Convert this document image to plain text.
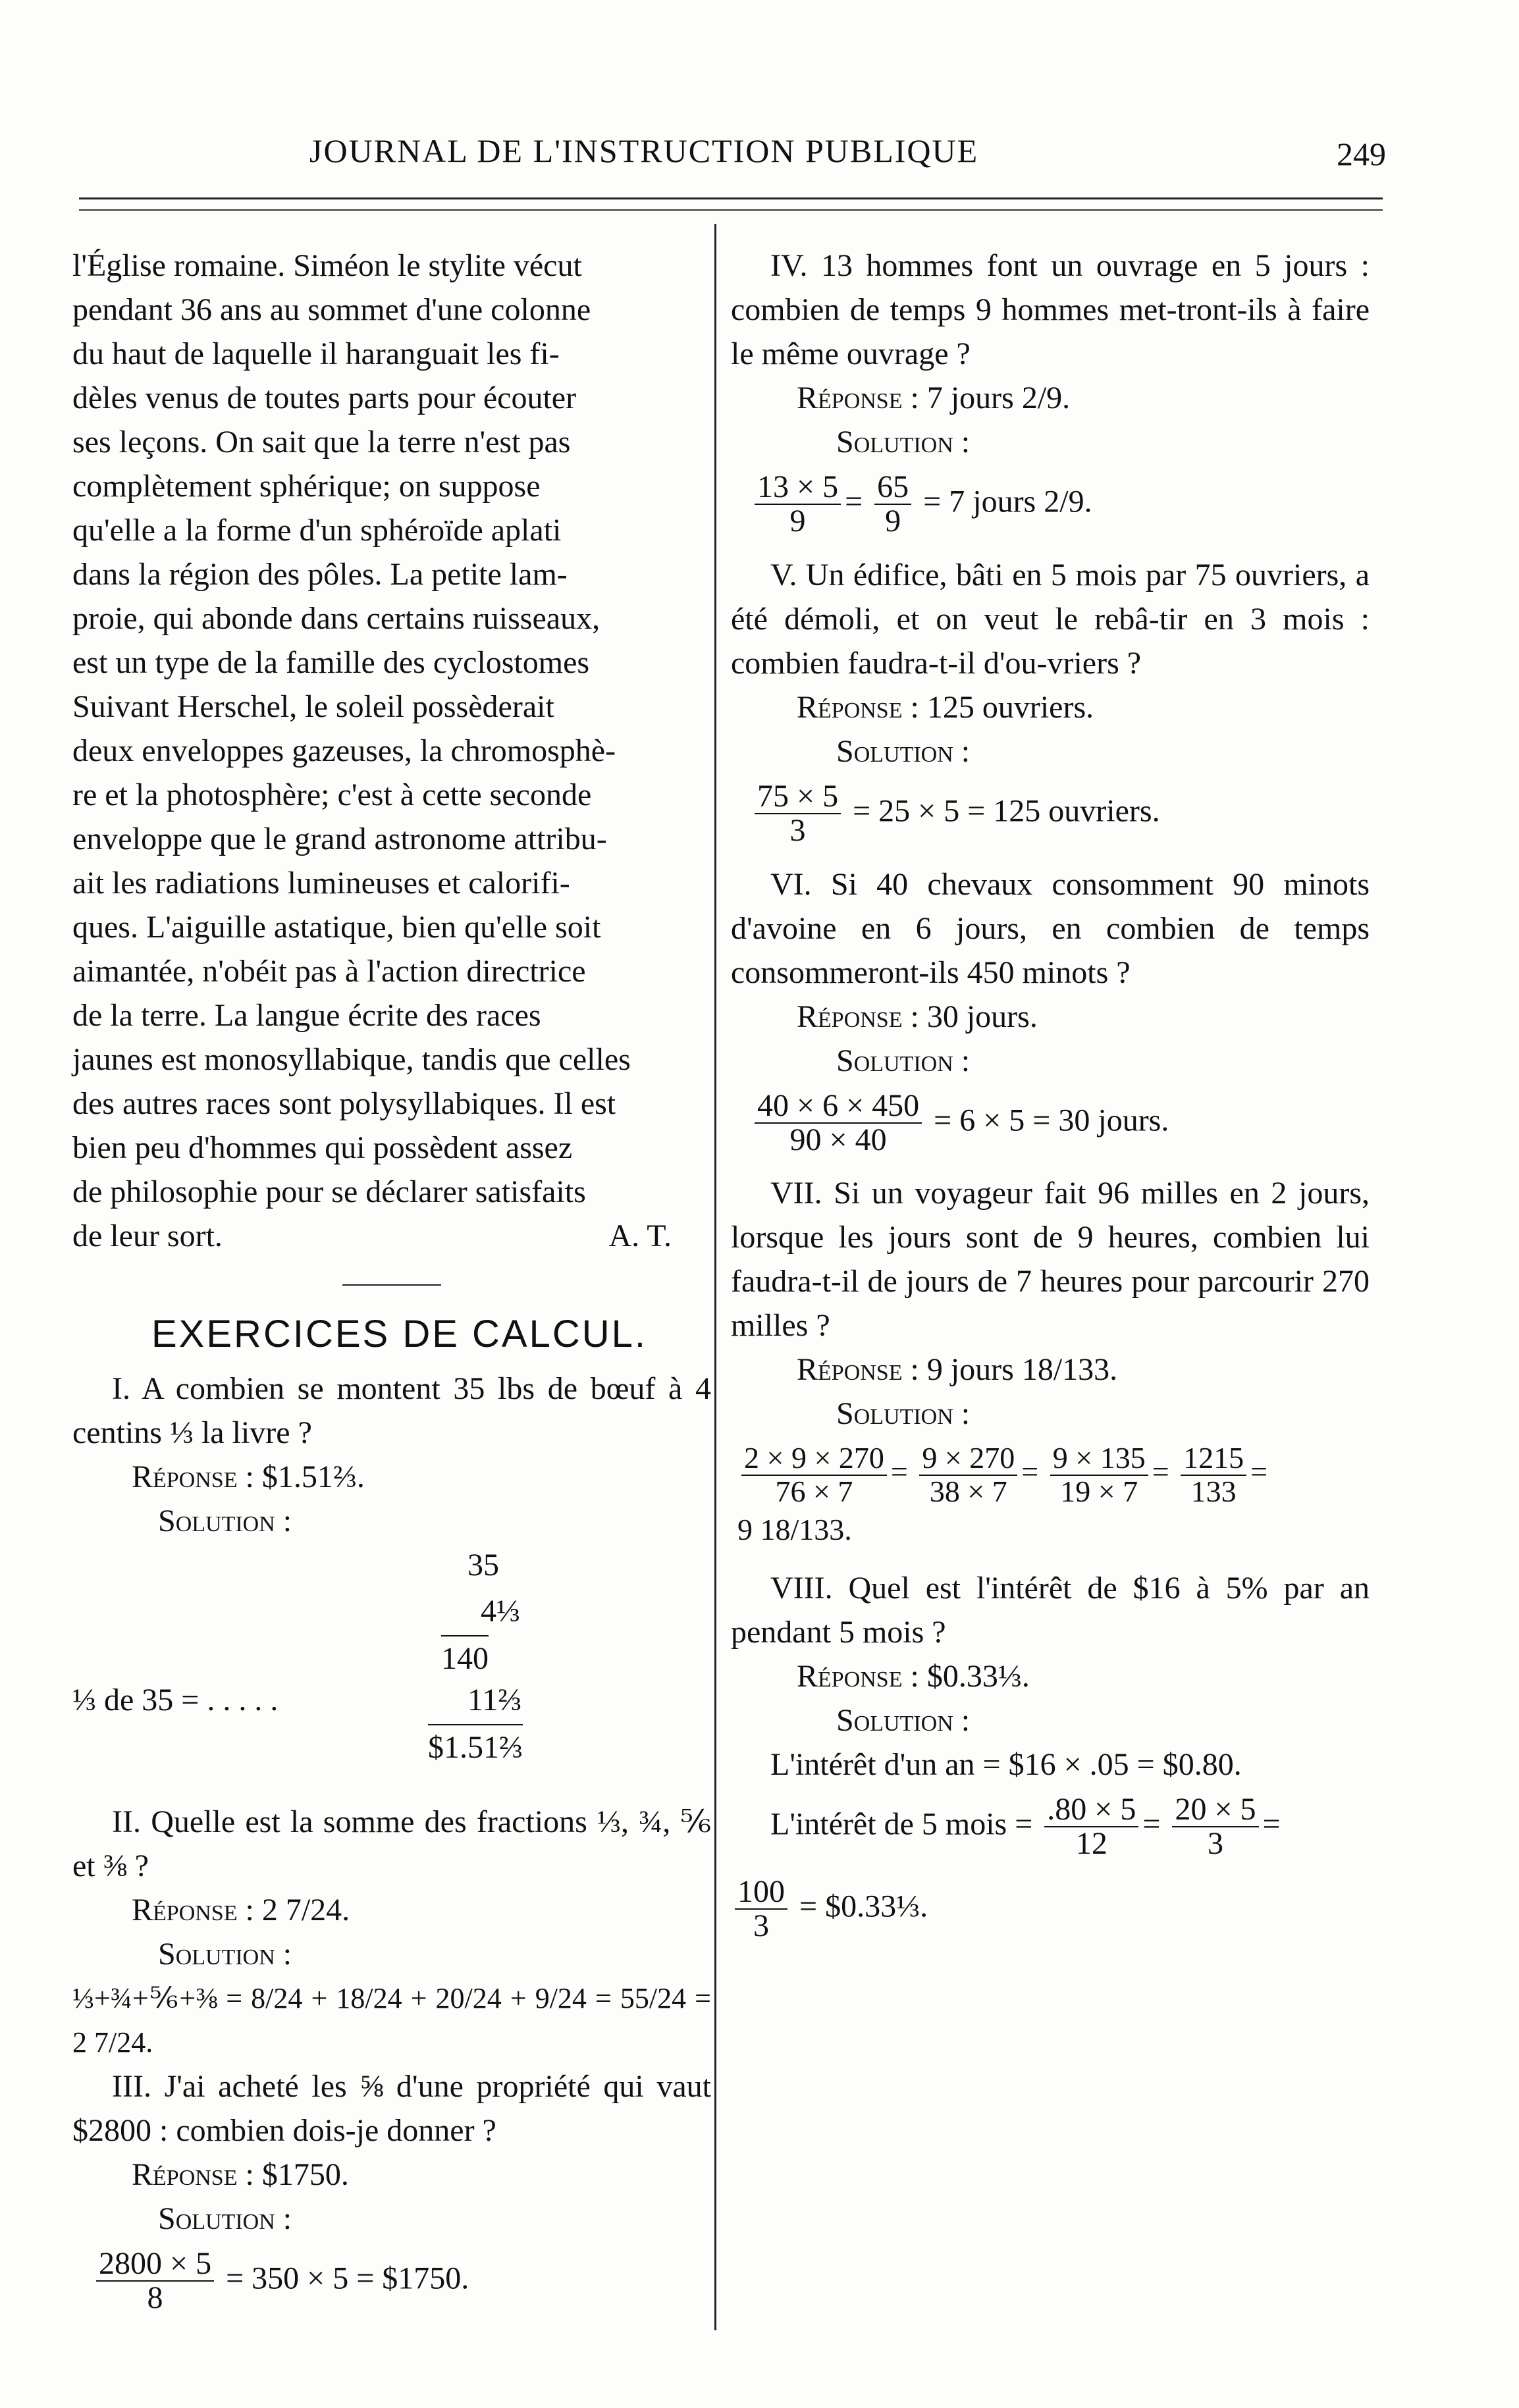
JOURNAL DE L'INSTRUCTION PUBLIQUE	249

l'Église romaine. Siméon le stylite vécut

pendant 36 ans au sommet d'une colonne

du haut de laquelle il haranguait les fi-

dèles venus de toutes parts pour écouter

ses leçons. On sait que la terre n'est pas

complètement sphérique; on suppose

qu'elle a la forme d'un sphéroïde aplati

dans la région des pôles. La petite lam-

proie, qui abonde dans certains ruisseaux,

est un type de la famille des cyclostomes

Suivant Herschel, le soleil possèderait

deux enveloppes gazeuses, la chromosphè-

re et la photosphère; c'est à cette seconde

enveloppe que le grand astronome attribu-

ait les radiations lumineuses et calorifi-

ques. L'aiguille astatique, bien qu'elle soit

aimantée, n'obéit pas à l'action directrice

de la terre. La langue écrite des races

jaunes est monosyllabique, tandis que celles

des autres races sont polysyllabiques. Il est

bien peu d'hommes qui possèdent assez

de philosophie pour se déclarer satisfaits

de leur sort.	A. T.

EXERCICES DE CALCUL.

I. A combien se montent 35 lbs de bœuf à 4 centins ⅓ la livre ?

Réponse : $1.51⅔.

Solution :

35
4⅓
140
⅓ de 35 = . . . . .	11⅔
$1.51⅔

II. Quelle est la somme des fractions ⅓, ¾, ⅚ et ⅜ ?

Réponse : 2 7/24.

Solution :

⅓+¾+⅚+⅜ = 8/24 + 18/24 + 20/24 + 9/24 = 55/24 = 2 7/24.

III. J'ai acheté les ⅝ d'une propriété qui vaut $2800 : combien dois-je donner ?

Réponse : $1750.

Solution :

$\frac{2800 \times 5}{8} = 350 \times 5$ = $1750.

IV. 13 hommes font un ouvrage en 5 jours : combien de temps 9 hommes met-tront-ils à faire le même ouvrage ?

Réponse : 7 jours 2/9.

Solution :

$\frac{13 \times 5}{9} = \frac{65}{9} = 7$ jours 2/9.

V. Un édifice, bâti en 5 mois par 75 ouvriers, a été démoli, et on veut le rebâ-tir en 3 mois : combien faudra-t-il d'ou-vriers ?

Réponse : 125 ouvriers.

Solution :

$\frac{75 \times 5}{3} = 25 \times 5 = 125$ ouvriers.

VI. Si 40 chevaux consomment 90 minots d'avoine en 6 jours, en combien de temps consommeront-ils 450 minots ?

Réponse : 30 jours.

Solution :

$\frac{40 \times 6 \times 450}{90 \times 40} = 6 \times 5 = 30$ jours.

VII. Si un voyageur fait 96 milles en 2 jours, lorsque les jours sont de 9 heures, combien lui faudra-t-il de jours de 7 heures pour parcourir 270 milles ?

Réponse : 9 jours 18/133.

Solution :

$\frac{2 \times 9 \times 270}{76 \times 7} = \frac{9 \times 270}{38 \times 7} = \frac{9 \times 135}{19 \times 7} = \frac{1215}{133}$ =
9 18/133.

VIII. Quel est l'intérêt de $16 à 5% par an pendant 5 mois ?

Réponse : $0.33⅓.

Solution :

L'intérêt d'un an = $16 × .05 = $0.80.

L'intérêt de 5 mois = $\frac{.80 \times 5}{12} = \frac{20 \times 5}{3}$ =
$\frac{100}{3}$ = $0.33⅓.
